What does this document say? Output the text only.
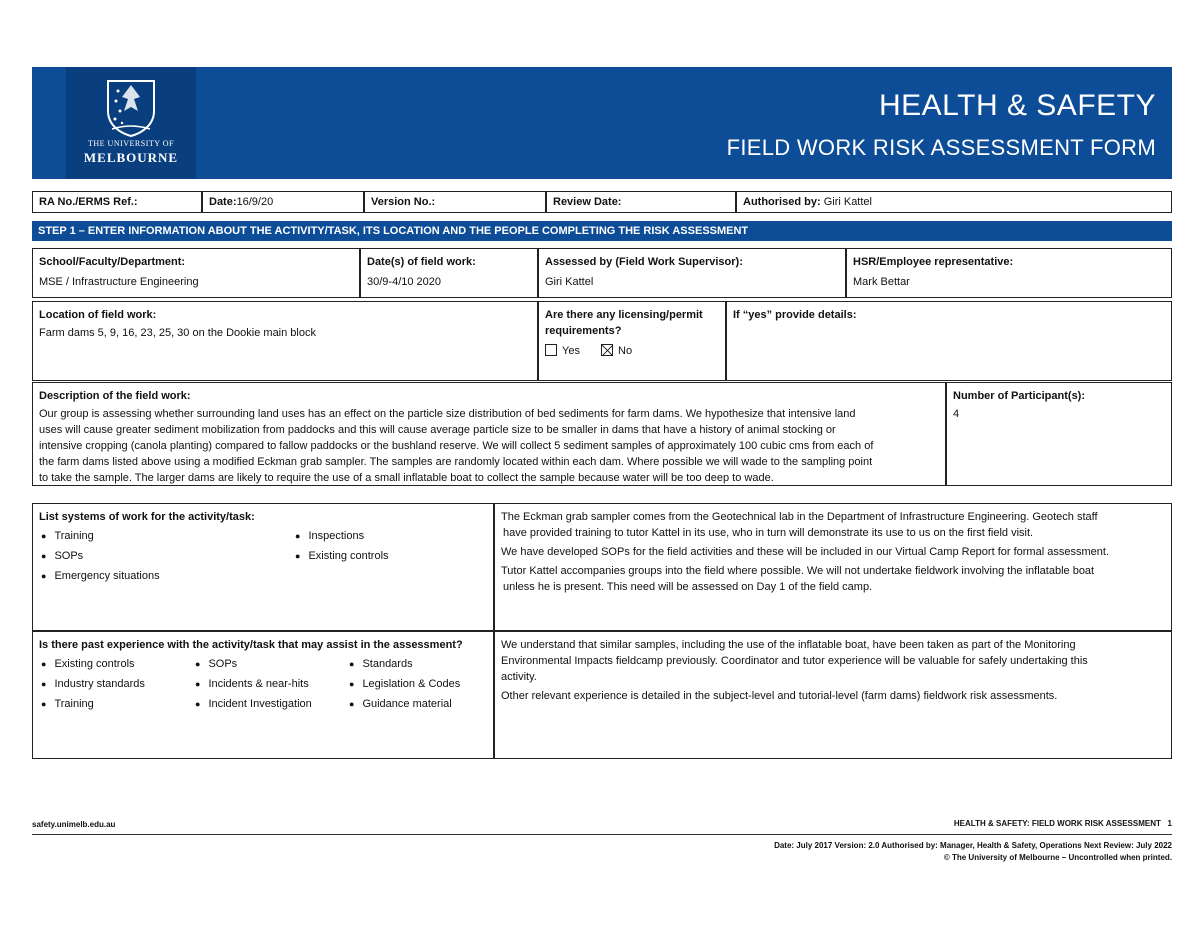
THE UNIVERSITY OF
MELBOURNE
HEALTH & SAFETY
FIELD WORK RISK ASSESSMENT FORM
RA No./ERMS Ref.:	Date:16/9/20	Version No.:	Review Date:	Authorised by: Giri Kattel
STEP 1 – ENTER INFORMATION ABOUT THE ACTIVITY/TASK, ITS LOCATION AND THE PEOPLE COMPLETING THE RISK ASSESSMENT
School/Faculty/Department:
MSE / Infrastructure Engineering
Date(s) of field work:
30/9-4/10 2020
Assessed by (Field Work Supervisor):
Giri Kattel
HSR/Employee representative:
Mark Bettar
Location of field work:
Farm dams 5, 9, 16, 23, 25, 30 on the Dookie main block
Are there any licensing/permit requirements?
Yes	No
If “yes” provide details:
Description of the field work:
Our group is assessing whether surrounding land uses has an effect on the particle size distribution of bed sediments for farm dams. We hypothesize that intensive land
uses will cause greater sediment mobilization from paddocks and this will cause average particle size to be smaller in dams that have a history of animal stocking or
intensive cropping (canola planting) compared to fallow paddocks or the bushland reserve. We will collect 5 sediment samples of approximately 100 cubic cms from each of
the farm dams listed above using a modified Eckman grab sampler. The samples are randomly located within each dam. Where possible we will wade to the sampling point
to take the sample. The larger dams are likely to require the use of a small inflatable boat to collect the sample because water will be too deep to wade.
Number of Participant(s):
4
List systems of work for the activity/task:
● Training
● SOPs
● Emergency situations
● Inspections
● Existing controls
The Eckman grab sampler comes from the Geotechnical lab in the Department of Infrastructure Engineering. Geotech staff
have provided training to tutor Kattel in its use, who in turn will demonstrate its use to us on the first field visit.
We have developed SOPs for the field activities and these will be included in our Virtual Camp Report for formal assessment.
Tutor Kattel accompanies groups into the field where possible. We will not undertake fieldwork involving the inflatable boat
unless he is present. This need will be assessed on Day 1 of the field camp.
Is there past experience with the activity/task that may assist in the assessment?
● Existing controls
● Industry standards
● Training
● SOPs
● Incidents & near-hits
● Incident Investigation
● Standards
● Legislation & Codes
● Guidance material
We understand that similar samples, including the use of the inflatable boat, have been taken as part of the Monitoring
Environmental Impacts fieldcamp previously. Coordinator and tutor experience will be valuable for safely undertaking this
activity.
Other relevant experience is detailed in the subject-level and tutorial-level (farm dams) fieldwork risk assessments.
safety.unimelb.edu.au	HEALTH & SAFETY: FIELD WORK RISK ASSESSMENT 1
Date: July 2017 Version: 2.0 Authorised by: Manager, Health & Safety, Operations Next Review: July 2022
© The University of Melbourne – Uncontrolled when printed.
